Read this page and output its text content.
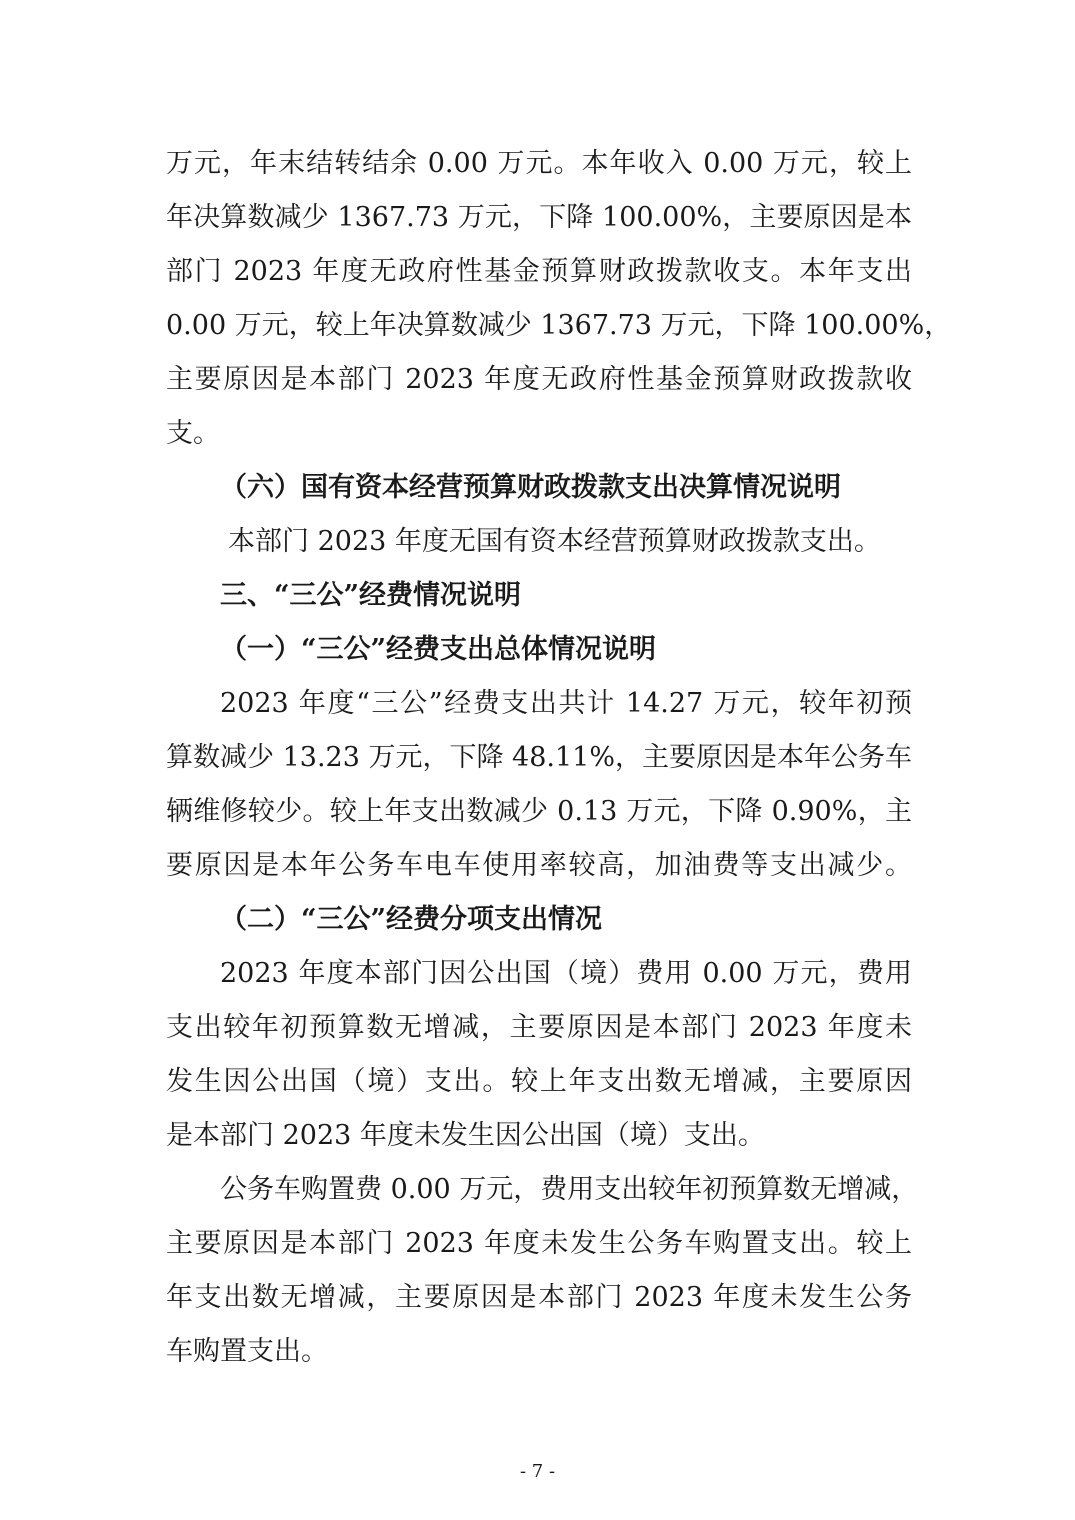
万元，年末结转结余 0.00 万元。本年收入 0.00 万元，较上

年决算数减少 1367.73 万元，下降 100.00%，主要原因是本

部门 2023 年度无政府性基金预算财政拨款收支。本年支出

0.00 万元，较上年决算数减少 1367.73 万元，下降 100.00%，

主要原因是本部门 2023 年度无政府性基金预算财政拨款收

支。

（六）国有资本经营预算财政拨款支出决算情况说明

本部门 2023 年度无国有资本经营预算财政拨款支出。

三、“三公”经费情况说明

（一）“三公”经费支出总体情况说明

2023 年度“三公”经费支出共计 14.27 万元，较年初预

算数减少 13.23 万元，下降 48.11%，主要原因是本年公务车

辆维修较少。较上年支出数减少 0.13 万元，下降 0.90%，主

要原因是本年公务车电车使用率较高，加油费等支出减少。

（二）“三公”经费分项支出情况

2023 年度本部门因公出国（境）费用 0.00 万元，费用

支出较年初预算数无增减，主要原因是本部门 2023 年度未

发生因公出国（境）支出。较上年支出数无增减，主要原因

是本部门 2023 年度未发生因公出国（境）支出。

公务车购置费 0.00 万元，费用支出较年初预算数无增减，

主要原因是本部门 2023 年度未发生公务车购置支出。较上

年支出数无增减，主要原因是本部门 2023 年度未发生公务

车购置支出。

- 7 -
